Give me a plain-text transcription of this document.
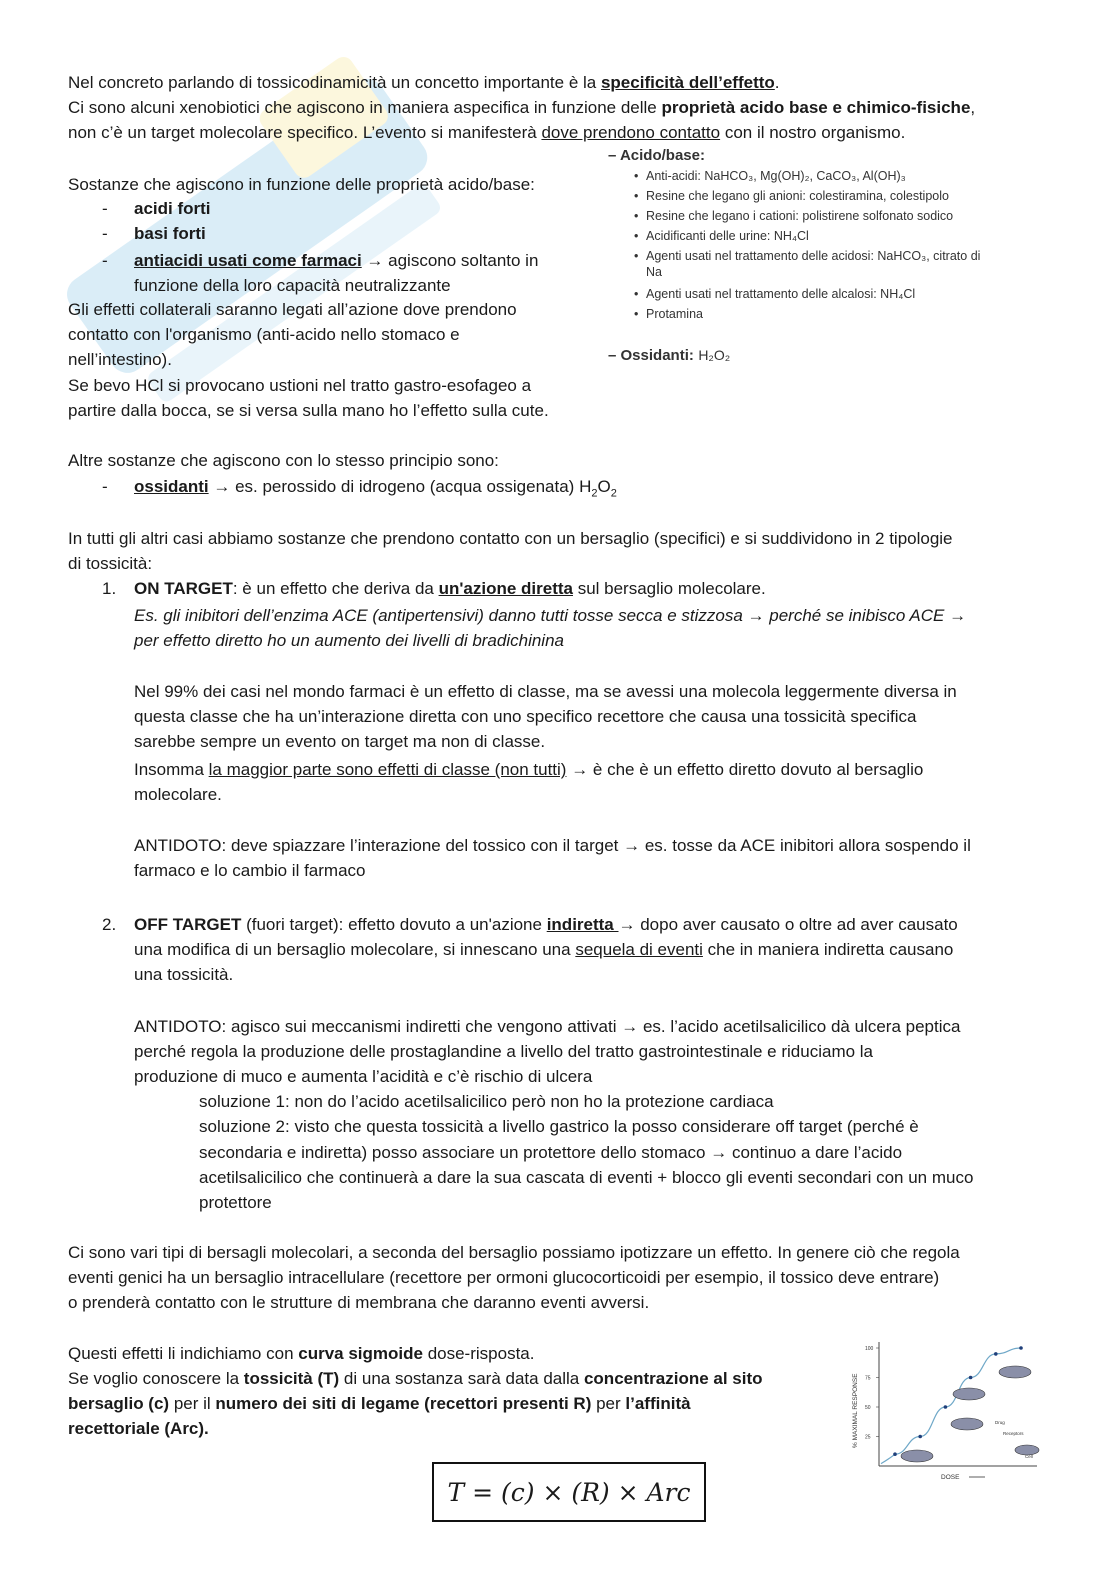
Nel concreto parlando di tossicodinamicità un concetto importante è la specificità dell’effetto.
Ci sono alcuni xenobiotici che agiscono in maniera aspecifica in funzione delle proprietà acido base e chimico-fisiche,
non c’è un target molecolare specifico. L’evento si manifesterà dove prendono contatto con il nostro organismo.
Sostanze che agiscono in funzione delle proprietà acido/base:
- acidi forti
- basi forti
- antiacidi usati come farmaci → agiscono soltanto in
funzione della loro capacità neutralizzante
Gli effetti collaterali saranno legati all’azione dove prendono
contatto con l'organismo (anti-acido nello stomaco e
nell’intestino).
Se bevo HCl si provocano ustioni nel tratto gastro-esofageo a
partire dalla bocca, se si versa sulla mano ho l’effetto sulla cute.
– Acido/base:
• Anti-acidi: NaHCO₃, Mg(OH)₂, CaCO₃, Al(OH)₃
• Resine che legano gli anioni: colestiramina, colestipolo
• Resine che legano i cationi: polistirene solfonato sodico
• Acidificanti delle urine: NH₄Cl
• Agenti usati nel trattamento delle acidosi: NaHCO₃, citrato di
Na
• Agenti usati nel trattamento delle alcalosi: NH₄Cl
• Protamina
– Ossidanti: H₂O₂
Altre sostanze che agiscono con lo stesso principio sono:
- ossidanti → es. perossido di idrogeno (acqua ossigenata) $H_2O_2$
In tutti gli altri casi abbiamo sostanze che prendono contatto con un bersaglio (specifici) e si suddividono in 2 tipologie
di tossicità:
1. ON TARGET: è un effetto che deriva da un'azione diretta sul bersaglio molecolare.
Es. gli inibitori dell’enzima ACE (antipertensivi) danno tutti tosse secca e stizzosa → perché se inibisco ACE →
per effetto diretto ho un aumento dei livelli di bradichinina
Nel 99% dei casi nel mondo farmaci è un effetto di classe, ma se avessi una molecola leggermente diversa in
questa classe che ha un’interazione diretta con uno specifico recettore che causa una tossicità specifica
sarebbe sempre un evento on target ma non di classe.
Insomma la maggior parte sono effetti di classe (non tutti) → è che è un effetto diretto dovuto al bersaglio
molecolare.
ANTIDOTO: deve spiazzare l’interazione del tossico con il target → es. tosse da ACE inibitori allora sospendo il
farmaco e lo cambio il farmaco
2. OFF TARGET (fuori target): effetto dovuto a un'azione indiretta → dopo aver causato o oltre ad aver causato
una modifica di un bersaglio molecolare, si innescano una sequela di eventi che in maniera indiretta causano
una tossicità.
ANTIDOTO: agisco sui meccanismi indiretti che vengono attivati → es. l’acido acetilsalicilico dà ulcera peptica
perché regola la produzione delle prostaglandine a livello del tratto gastrointestinale e riduciamo la
produzione di muco e aumenta l’acidità e c’è rischio di ulcera
soluzione 1: non do l’acido acetilsalicilico però non ho la protezione cardiaca
soluzione 2: visto che questa tossicità a livello gastrico la posso considerare off target (perché è
secondaria e indiretta) posso associare un protettore dello stomaco → continuo a dare l’acido
acetilsalicilico che continuerà a dare la sua cascata di eventi + blocco gli eventi secondari con un muco
protettore
Ci sono vari tipi di bersagli molecolari, a seconda del bersaglio possiamo ipotizzare un effetto. In genere ciò che regola
eventi genici ha un bersaglio intracellulare (recettore per ormoni glucocorticoidi per esempio, il tossico deve entrare)
o prenderà contatto con le strutture di membrana che daranno eventi avversi.
Questi effetti li indichiamo con curva sigmoide dose-risposta.
Se voglio conoscere la tossicità (T) di una sostanza sarà data dalla concentrazione al sito
bersaglio (c) per il numero dei siti di legame (recettori presenti R) per l’affinità
recettoriale (Arc).
T = (c) × (R) × Arc
% MAXIMAL RESPONSE
DOSE
100
75
50
25
Drug
Receptors
Cell
